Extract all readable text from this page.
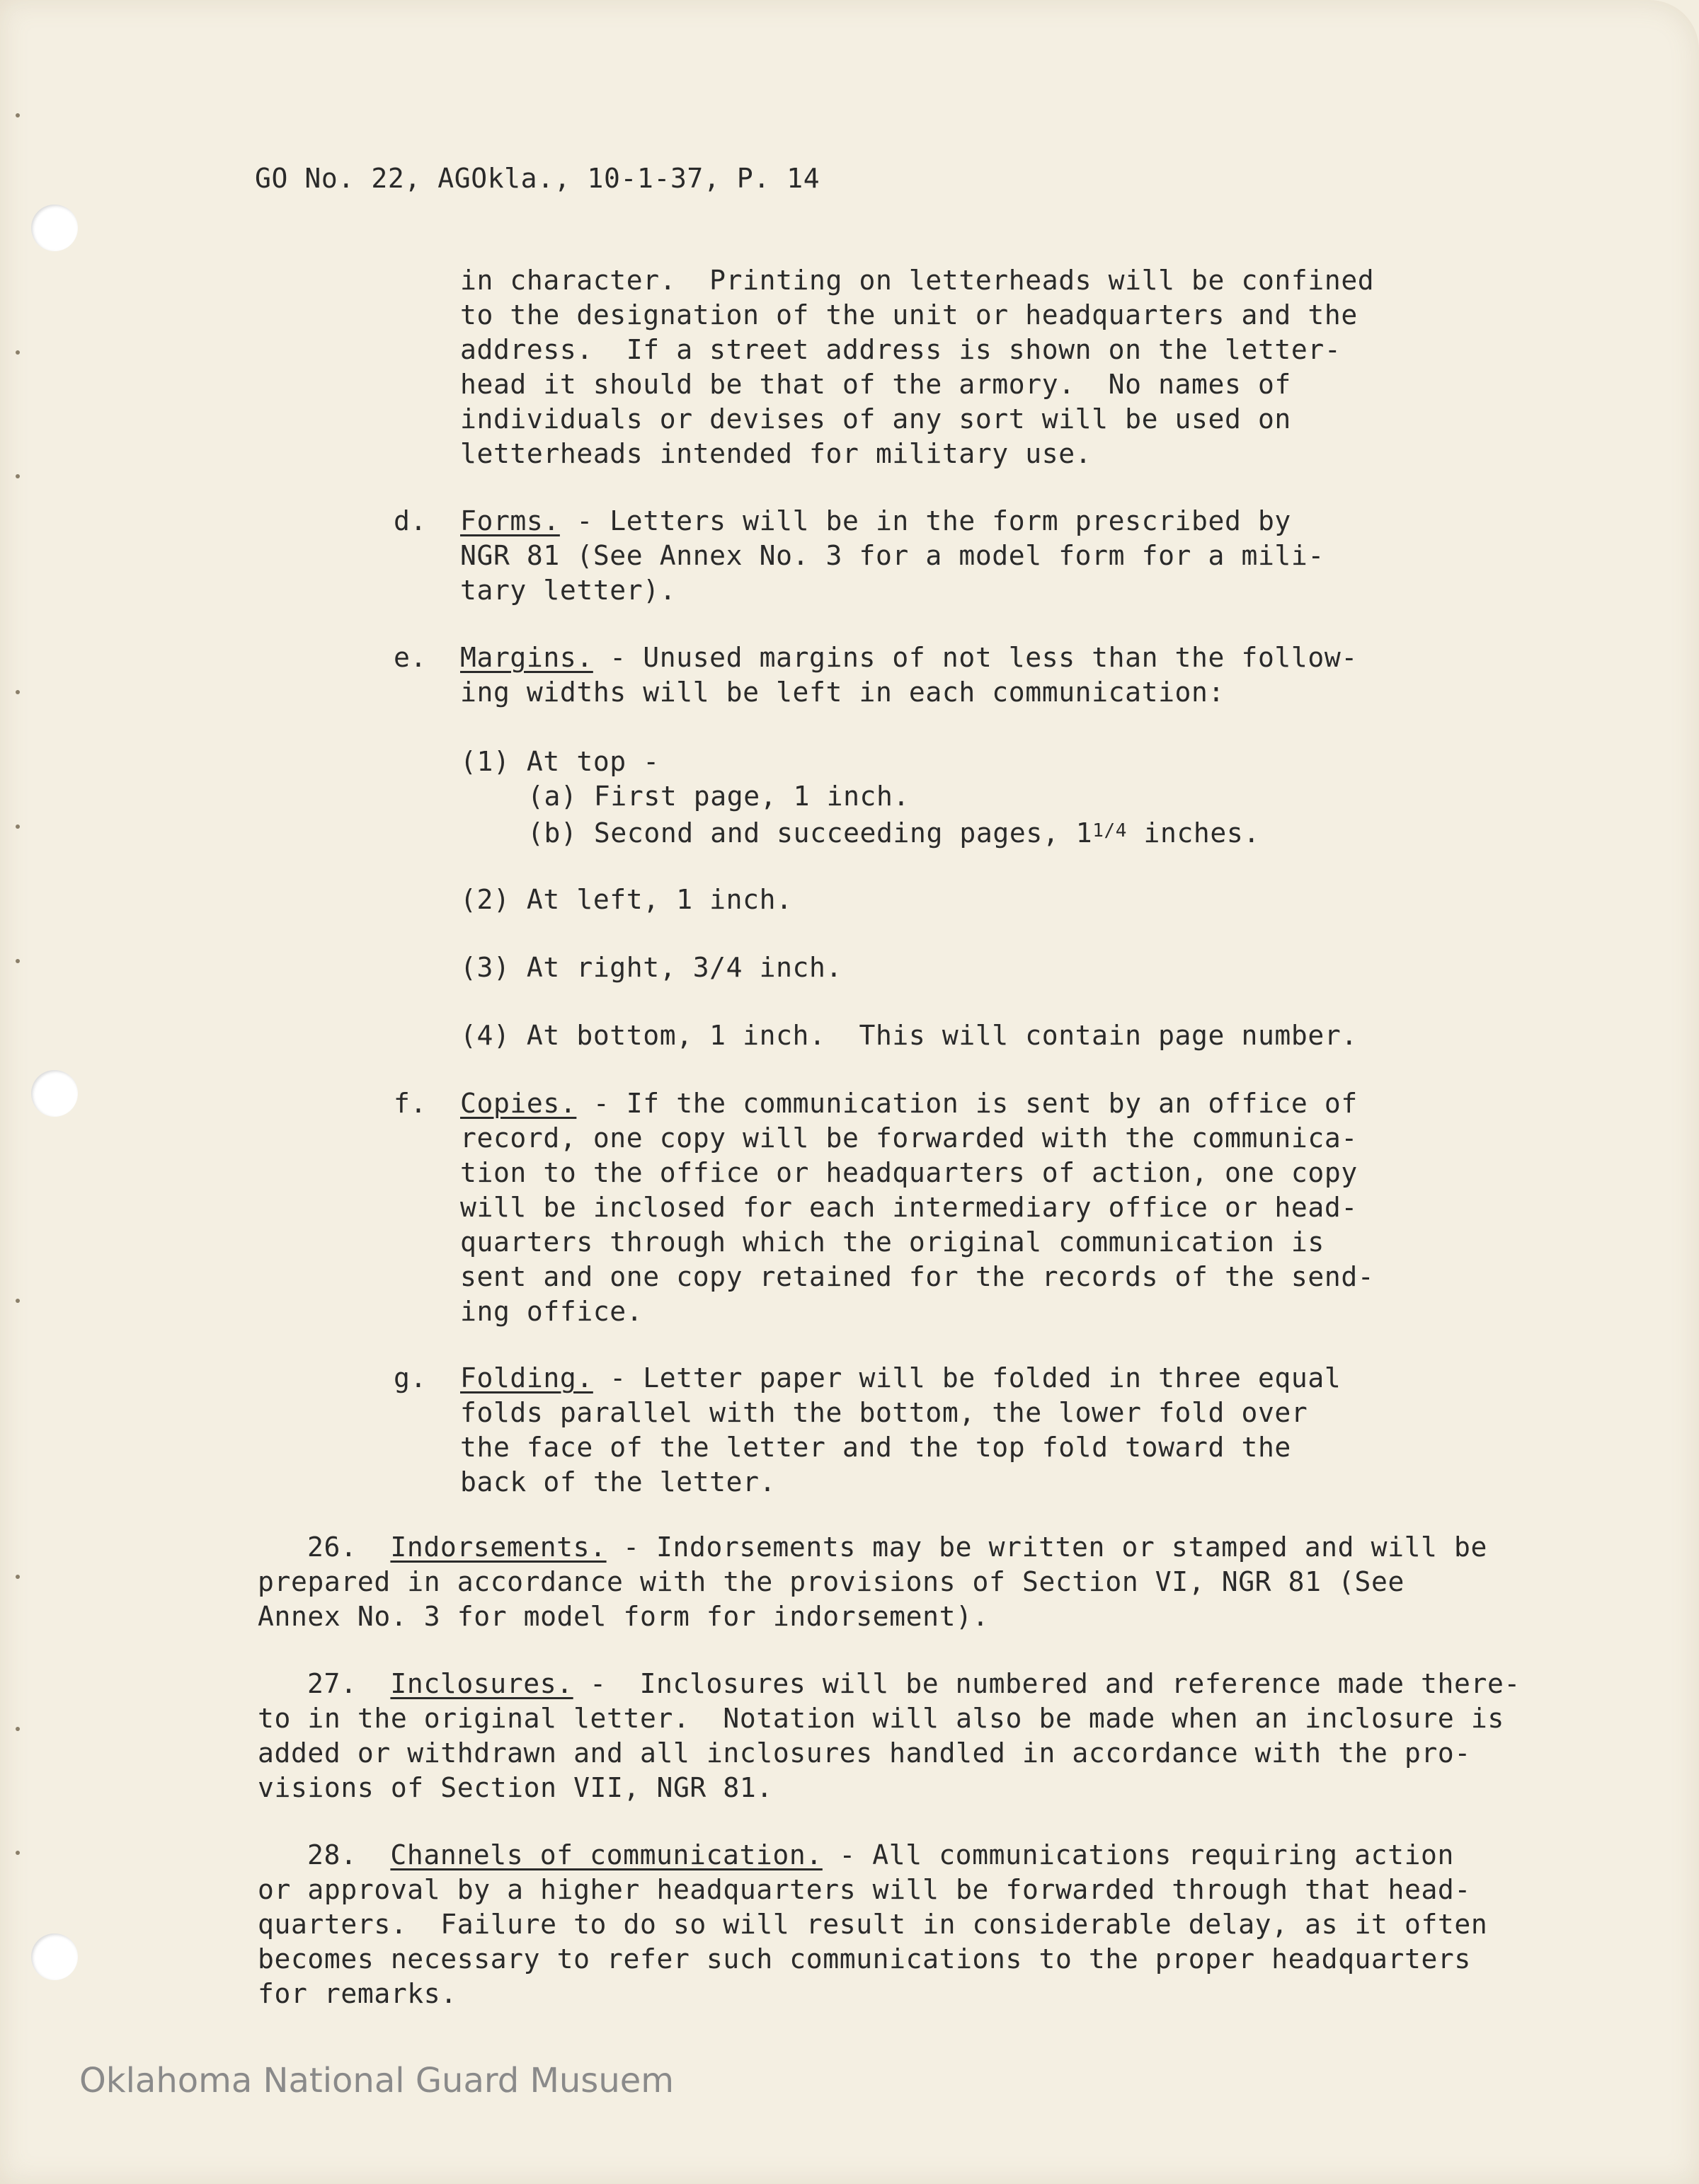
GO No. 22, AGOkla., 10-1-37, P. 14
in character.  Printing on letterheads will be confined
to the designation of the unit or headquarters and the
address.  If a street address is shown on the letter-
head it should be that of the armory.  No names of
individuals or devises of any sort will be used on
letterheads intended for military use.
d. Forms. - Letters will be in the form prescribed by
NGR 81 (See Annex No. 3 for a model form for a mili-
tary letter).
e. Margins. - Unused margins of not less than the follow-
ing widths will be left in each communication:
(1) At top -
(a) First page, 1 inch.
(b) Second and succeeding pages, $1^{1/4}$ inches.
(2) At left, 1 inch.
(3) At right, 3/4 inch.
(4) At bottom, 1 inch.  This will contain page number.
f. Copies. - If the communication is sent by an office of
record, one copy will be forwarded with the communica-
tion to the office or headquarters of action, one copy
will be inclosed for each intermediary office or head-
quarters through which the original communication is
sent and one copy retained for the records of the send-
ing office.
g. Folding. - Letter paper will be folded in three equal
folds parallel with the bottom, the lower fold over
the face of the letter and the top fold toward the
back of the letter.
26. Indorsements. - Indorsements may be written or stamped and will be
prepared in accordance with the provisions of Section VI, NGR 81 (See
Annex No. 3 for model form for indorsement).
27. Inclosures. -  Inclosures will be numbered and reference made there-
to in the original letter.  Notation will also be made when an inclosure is
added or withdrawn and all inclosures handled in accordance with the pro-
visions of Section VII, NGR 81.
28. Channels of communication. - All communications requiring action
or approval by a higher headquarters will be forwarded through that head-
quarters.  Failure to do so will result in considerable delay, as it often
becomes necessary to refer such communications to the proper headquarters
for remarks.
Oklahoma National Guard Musuem
